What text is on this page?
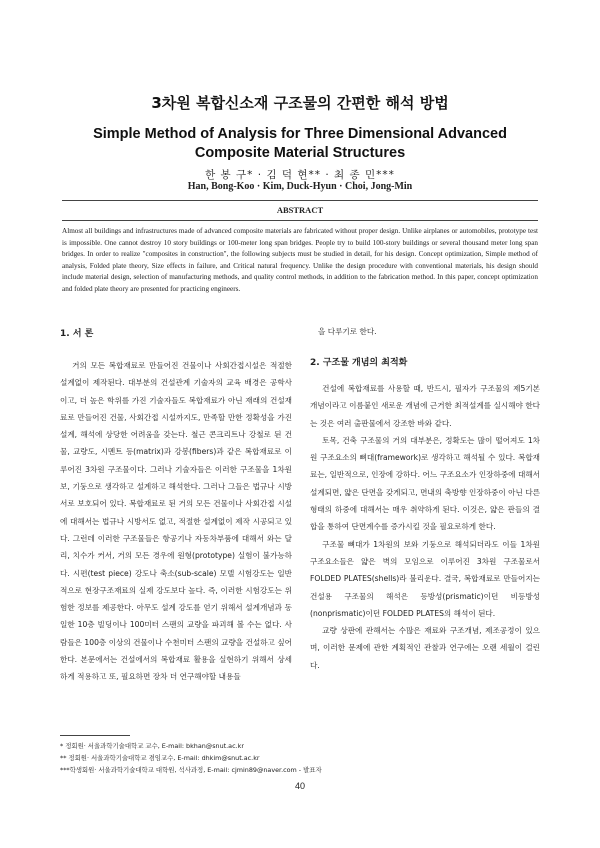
3차원 복합신소재 구조물의 간편한 해석 방법
Simple Method of Analysis for Three Dimensional Advanced Composite Material Structures
한 봉 구* · 김 덕 현** · 최 종 민***
Han, Bong-Koo · Kim, Duck-Hyun · Choi, Jong-Min
ABSTRACT

Almost all buildings and infrastructures made of advanced composite materials are fabricated without proper design. Unlike airplanes or automobiles, prototype test is impossible. One cannot destroy 10 story buildings or 100-meter long span bridges. People try to build 100-story buildings or several thousand meter long span bridges. In order to realize "composites in construction", the following subjects must be studied in detail, for his design. Concept optimization, Simple method of analysis, Folded plate theory, Size effects in failure, and Critical natural frequency. Unlike the design procedure with conventional materials, his design should include material design, selection of manufacturing methods, and quality control methods, in addition to the fabrication method. In this paper, concept optimization and folded plate theory are presented for practicing engineers.

1. 서 론

거의 모든 복합재료로 만들어진 건물이나 사회간접시설은 적절한 설계없이 제작된다. 대부분의 건설관계 기술자의 교육 배경은 공학사이고, 더 높은 학위를 가진 기술자들도 복합재료가 아닌 재래의 건설재료로 만들어진 건물, 사회간접 시설까지도, 만족할 만한 정확성을 가진 설계, 해석에 상당한 어려움을 갖는다. 철근 콘크리트나 강철로 된 건물, 교량도, 시멘트 등(matrix)과 강봉(fibers)과 같은 복합재료로 이루어진 3차원 구조물이다. 그러나 기술자들은 이러한 구조물을 1차원 보, 기둥으로 생각하고 설계하고 해석한다. 그러나 그들은 법규나 시방서로 보호되어 있다. 복합재료로 된 거의 모든 건물이나 사회간접 시설에 대해서는 법규나 시방서도 없고, 적절한 설계없이 제작 시공되고 있다. 그런데 이러한 구조물들은 항공기나 자동차부품에 대해서 와는 달리, 치수가 커서, 거의 모든 경우에 원형(prototype) 실험이 불가능하다. 시편(test piece) 강도나 축소(sub-scale) 모델 시험강도는 일반적으로 현장구조재료의 실제 강도보다 높다. 즉, 이러한 시험강도는 위험한 정보를 제공한다. 아무도 설계 강도를 얻기 위해서 설계개념과 동일한 10층 빌딩이나 100미터 스팬의 교량을 파괴해 볼 수는 없다. 사람들은 100층 이상의 건물이나 수천미터 스팬의 교량을 건설하고 싶어 한다. 본문에서는 건설에서의 복합재료 활용을 실현하기 위해서 상세하게 적용하고 또, 필요하면 장차 더 연구해야할 내용들

을 다루기로 한다.
2. 구조물 개념의 최적화

건설에 복합재료를 사용할 때, 반드시, 필자가 구조물의 제5기본 개념이라고 이름붙인 새로운 개념에 근거한 최적설계를 실시해야 한다는 것은 여러 출판물에서 강조한 바와 같다.

토목, 건축 구조물의 거의 대부분은, 정확도는 많이 떨어져도 1차원 구조요소의 뼈대(framework)로 생각하고 해석될 수 있다. 복합재료는, 일반적으로, 인장에 강하다. 어느 구조요소가 인장하중에 대해서 설계되면, 얇은 단면을 갖게되고, 면내의 축방향 인장하중이 아닌 다른 형태의 하중에 대해서는 매우 취약하게 된다. 이것은, 얇은 판들의 결합을 통하여 단면계수를 증가시킬 것을 필요로하게 한다.

구조물 뼈대가 1차원의 보와 기둥으로 해석되더라도 이들 1차원 구조요소들은 얇은 벽의 모임으로 이루어진 3차원 구조물로서 FOLDED PLATES(shells)라 불리운다. 결국, 복합재료로 만들어지는 건설용 구조물의 해석은 등방성(prismatic)이던 비등방성(nonprismatic)이던 FOLDED PLATES의 해석이 된다.

교량 상판에 관해서는 수많은 재료와 구조개념, 제조공정이 있으며, 이러한 문제에 관한 계획적인 관찰과 연구에는 오랜 세월이 걸린다.

* 정회원· 서울과학기술대학교 교수, E-mail: bkhan@snut.ac.kr
** 정회원· 서울과학기술대학교 겸임교수, E-mail: dhkim@snut.ac.kr
***학생회원· 서울과학기술대학교 대학원, 석사과정, E-mail: cjmin89@naver.com - 발표자
40
